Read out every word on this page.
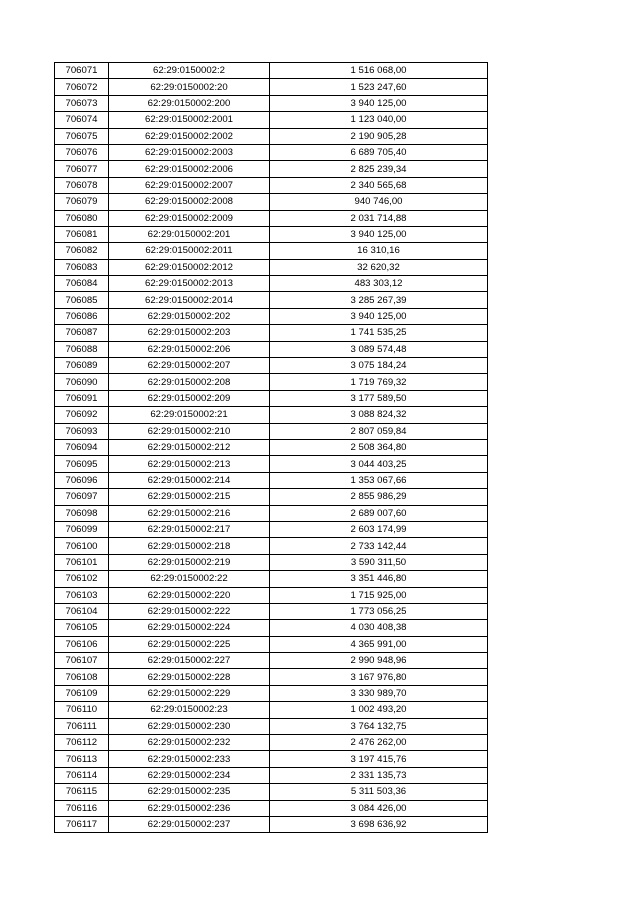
706071	62:29:0150002:2	1 516 068,00
706072	62:29:0150002:20	1 523 247,60
706073	62:29:0150002:200	3 940 125,00
706074	62:29:0150002:2001	1 123 040,00
706075	62:29:0150002:2002	2 190 905,28
706076	62:29:0150002:2003	6 689 705,40
706077	62:29:0150002:2006	2 825 239,34
706078	62:29:0150002:2007	2 340 565,68
706079	62:29:0150002:2008	940 746,00
706080	62:29:0150002:2009	2 031 714,88
706081	62:29:0150002:201	3 940 125,00
706082	62:29:0150002:2011	16 310,16
706083	62:29:0150002:2012	32 620,32
706084	62:29:0150002:2013	483 303,12
706085	62:29:0150002:2014	3 285 267,39
706086	62:29:0150002:202	3 940 125,00
706087	62:29:0150002:203	1 741 535,25
706088	62:29:0150002:206	3 089 574,48
706089	62:29:0150002:207	3 075 184,24
706090	62:29:0150002:208	1 719 769,32
706091	62:29:0150002:209	3 177 589,50
706092	62:29:0150002:21	3 088 824,32
706093	62:29:0150002:210	2 807 059,84
706094	62:29:0150002:212	2 508 364,80
706095	62:29:0150002:213	3 044 403,25
706096	62:29:0150002:214	1 353 067,66
706097	62:29:0150002:215	2 855 986,29
706098	62:29:0150002:216	2 689 007,60
706099	62:29:0150002:217	2 603 174,99
706100	62:29:0150002:218	2 733 142,44
706101	62:29:0150002:219	3 590 311,50
706102	62:29:0150002:22	3 351 446,80
706103	62:29:0150002:220	1 715 925,00
706104	62:29:0150002:222	1 773 056,25
706105	62:29:0150002:224	4 030 408,38
706106	62:29:0150002:225	4 365 991,00
706107	62:29:0150002:227	2 990 948,96
706108	62:29:0150002:228	3 167 976,80
706109	62:29:0150002:229	3 330 989,70
706110	62:29:0150002:23	1 002 493,20
706111	62:29:0150002:230	3 764 132,75
706112	62:29:0150002:232	2 476 262,00
706113	62:29:0150002:233	3 197 415,76
706114	62:29:0150002:234	2 331 135,73
706115	62:29:0150002:235	5 311 503,36
706116	62:29:0150002:236	3 084 426,00
706117	62:29:0150002:237	3 698 636,92
